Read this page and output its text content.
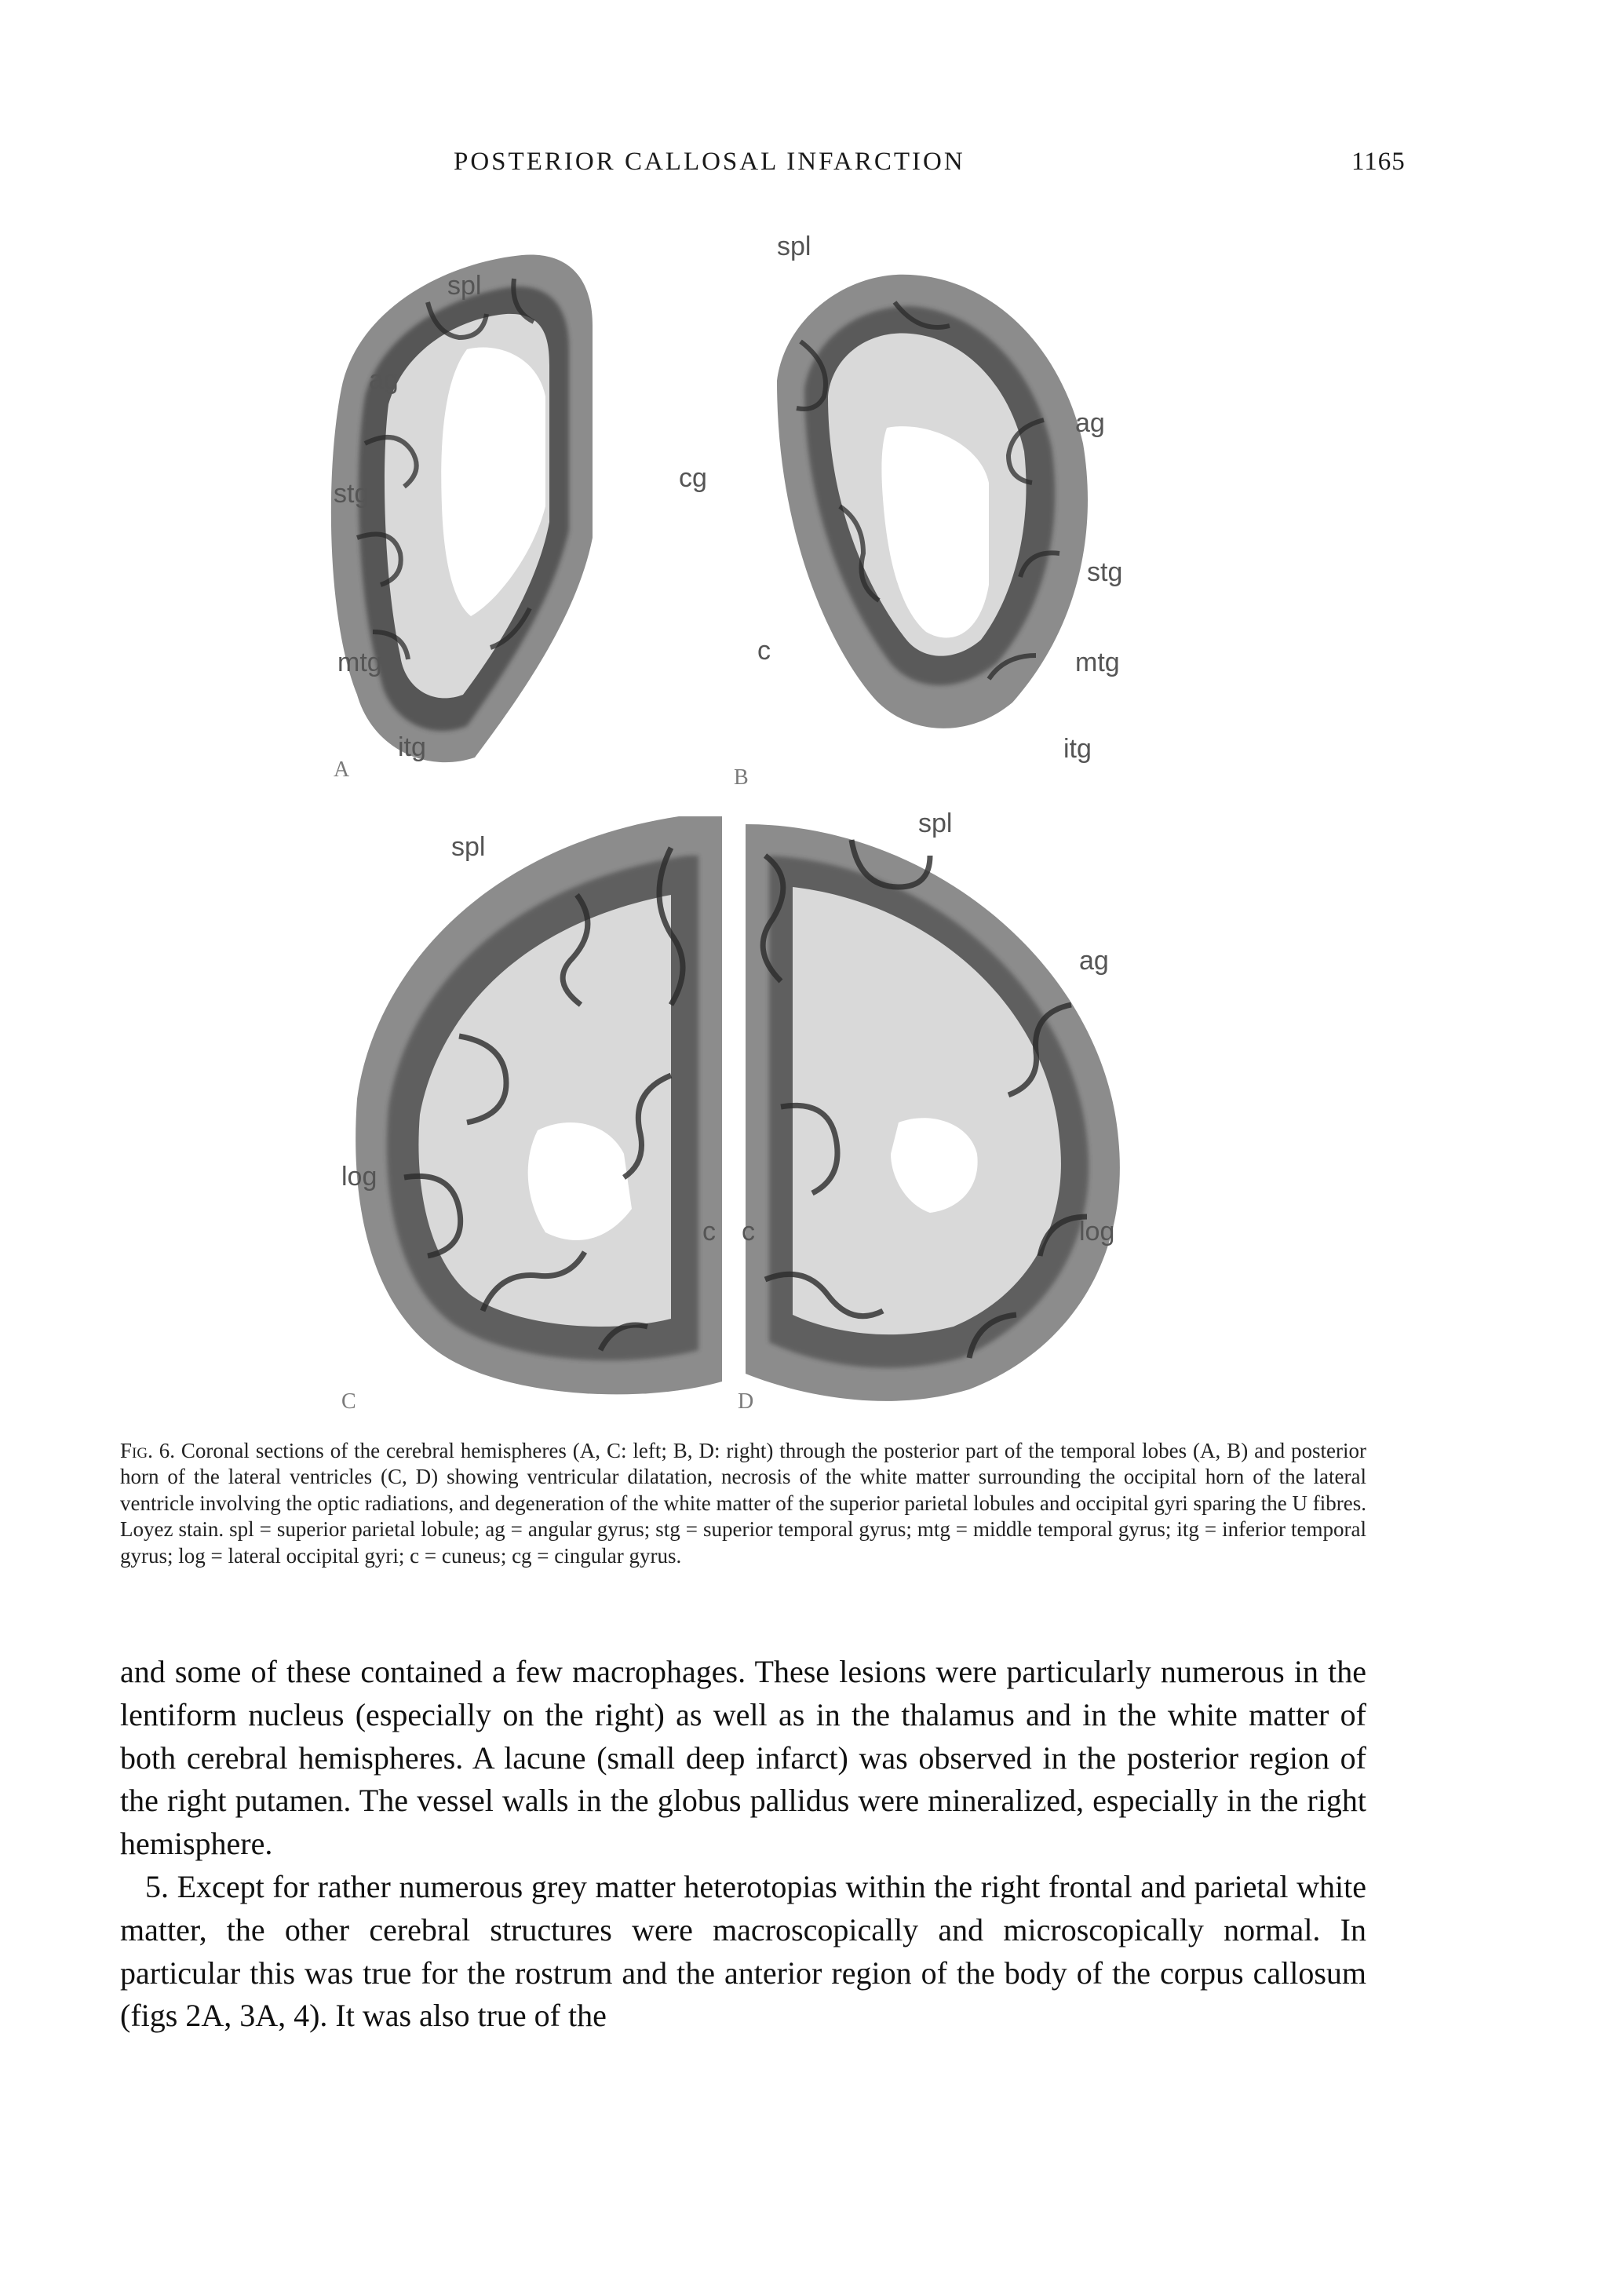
POSTERIOR CALLOSAL INFARCTION	1165
A
spl
ag
stg
cg
mtg
itg
B
spl
ag
stg
c	mtg
itg
C
spl
log
c
D
spl
ag
c	log

Fig. 6. Coronal sections of the cerebral hemispheres (A, C: left; B, D: right) through the posterior part of the temporal lobes (A, B) and posterior horn of the lateral ventricles (C, D) showing ventricular dilatation, necrosis of the white matter surrounding the occipital horn of the lateral ventricle involving the optic radiations, and degeneration of the white matter of the superior parietal lobules and occipital gyri sparing the U fibres. Loyez stain. spl = superior parietal lobule; ag = angular gyrus; stg = superior temporal gyrus; mtg = middle temporal gyrus; itg = inferior temporal gyrus; log = lateral occipital gyri; c = cuneus; cg = cingular gyrus.

and some of these contained a few macrophages. These lesions were particularly numerous in the lentiform nucleus (especially on the right) as well as in the thalamus and in the white matter of both cerebral hemispheres. A lacune (small deep infarct) was observed in the posterior region of the right putamen. The vessel walls in the globus pallidus were mineralized, especially in the right hemisphere.

5. Except for rather numerous grey matter heterotopias within the right frontal and parietal white matter, the other cerebral structures were macroscopically and microscopically normal. In particular this was true for the rostrum and the anterior region of the body of the corpus callosum (figs 2A, 3A, 4). It was also true of the
